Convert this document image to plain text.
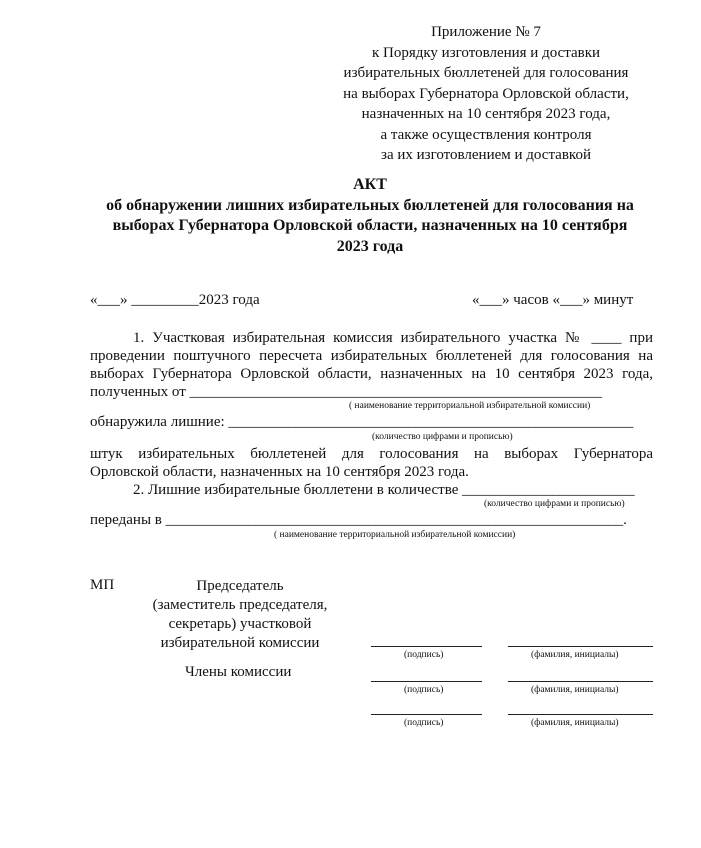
Приложение № 7
к Порядку изготовления и доставки
избирательных бюллетеней для голосования
на выборах Губернатора Орловской области,
назначенных на 10 сентября 2023 года,
а также осуществления контроля
за их изготовлением и доставкой
АКТ
об обнаружении лишних избирательных бюллетеней для голосования на
выборах Губернатора Орловской области, назначенных на 10 сентября
2023 года
«___» _________2023 года	«___» часов «___» минут
1. Участковая избирательная комиссия избирательного участка № ____ при
проведении поштучного пересчета избирательных бюллетеней для голосования на
выборах Губернатора Орловской области, назначенных на 10 сентября 2023 года,
полученных от _______________________________________________________
( наименование территориальной избирательной комиссии)
обнаружила лишние: ______________________________________________________
(количество цифрами и прописью)
штук избирательных бюллетеней для голосования на выборах Губернатора
Орловской области, назначенных на 10 сентября 2023 года.
2. Лишние избирательные бюллетени в количестве _______________________
(количество цифрами и прописью)
переданы в _____________________________________________________________.
( наименование территориальной избирательной комиссии)
МП	Председатель
(заместитель председателя,
секретарь) участковой
избирательной комиссии
(подпись)	(фамилия, инициалы)
Члены комиссии
(подпись)	(фамилия, инициалы)
(подпись)	(фамилия, инициалы)
